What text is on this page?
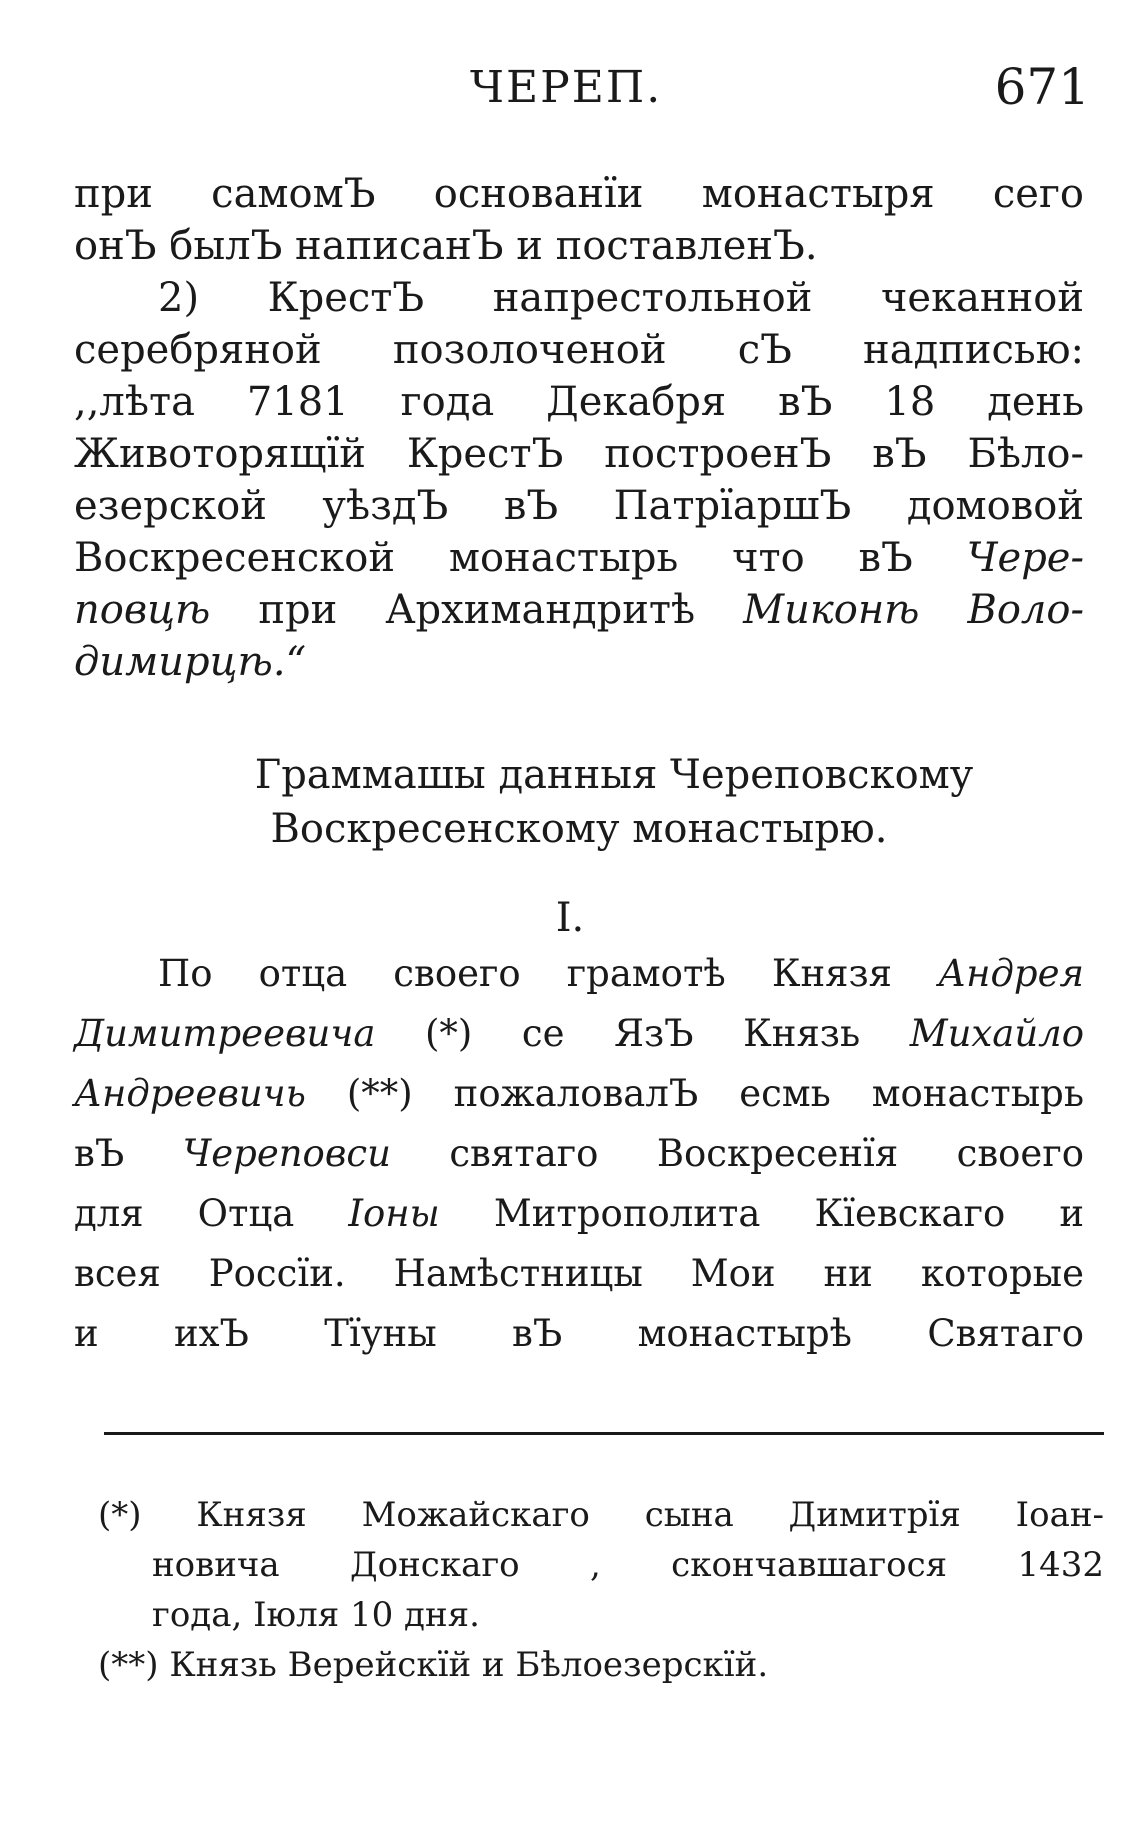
ЧЕРЕП.	671
при самомЪ основанїи монастыря сего
онЪ былЪ написанЪ и поставленЪ.
2) КрестЪ напрестольной чеканной
серебряной позолоченой сЪ надписью:
,,лѣта 7181 года Декабря вЪ 18 день
Животорящїй КрестЪ построенЪ вЪ Бѣло-
езерской уѣздЪ вЪ ПатрїаршЪ домовой
Воскресенской монастырь что вЪ Чере-
повцѣ при Архимандритѣ Миконѣ Воло-
димирцѣ.“
Граммашы данныя Череповскому
Воскресенскому монастырю.
I.
По отца своего грамотѣ Князя Андрея
Димитреевича (*) се ЯзЪ Князь Михайло
Андреевичь (**) пожаловалЪ есмь монастырь
вЪ Череповси святаго Воскресенїя своего
для Отца Іоны Митрополита Кїевскаго и
всея Россїи. Намѣстницы Мои ни которые
и ихЪ Тїуны вЪ монастырѣ Святаго
(*) Князя Можайскаго сына Димитрїя Іоан-
новича Донскаго , скончавшагося 1432
года, Іюля 10 дня.
(**) Князь Верейскїй и Бѣлоезерскїй.
